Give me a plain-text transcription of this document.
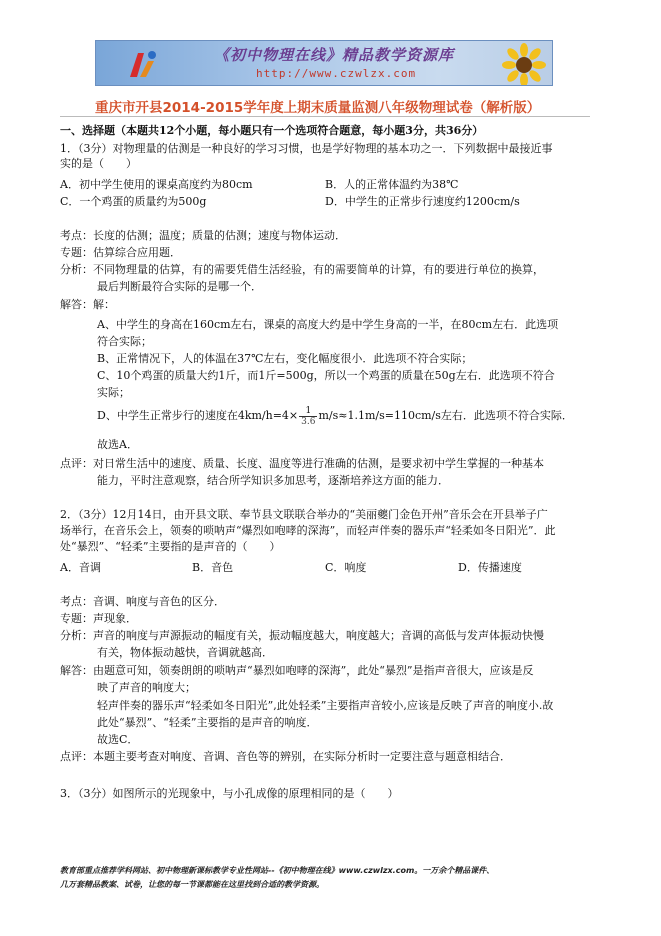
《初中物理在线》精品教学资源库
http://www.czwlzx.com
重庆市开县2014-2015学年度上期末质量监测八年级物理试卷（解析版）
一、选择题（本题共12个小题，每小题只有一个选项符合题意，每小题3分，共36分）
1．（3分）对物理量的估测是一种良好的学习习惯，也是学好物理的基本功之一．下列数据中最接近事
实的是（　　）
A．初中学生使用的课桌高度约为80cm	B．人的正常体温约为38℃
C．一个鸡蛋的质量约为500g	D．中学生的正常步行速度约1200cm/s
考点：长度的估测；温度；质量的估测；速度与物体运动．
专题：估算综合应用题．
分析：不同物理量的估算，有的需要凭借生活经验，有的需要简单的计算，有的要进行单位的换算，
最后判断最符合实际的是哪一个．
解答：解：
A、中学生的身高在160cm左右，课桌的高度大约是中学生身高的一半，在80cm左右．此选项
符合实际；
B、正常情况下，人的体温在37℃左右，变化幅度很小．此选项不符合实际；
C、10个鸡蛋的质量大约1斤，而1斤=500g，所以一个鸡蛋的质量在50g左右．此选项不符合
实际；
D、中学生正常步行的速度在$4km/h=4\times \frac{1}{3.6} m/s\approx 1.1m/s=110cm/s$左右．此选项不符合实际．
故选A．
点评：对日常生活中的速度、质量、长度、温度等进行准确的估测，是要求初中学生掌握的一种基本
能力，平时注意观察，结合所学知识多加思考，逐渐培养这方面的能力．
2．（3分）12月14日，由开县文联、奉节县文联联合举办的“美丽夔门金色开州”音乐会在开县举子广
场举行，在音乐会上，领奏的唢呐声“爆烈如咆哮的深海”，而轻声伴奏的器乐声“轻柔如冬日阳光”．此
处“暴烈”、“轻柔”主要指的是声音的（　　）
A．音调	B．音色	C．响度	D．传播速度
考点：音调、响度与音色的区分．
专题：声现象．
分析：声音的响度与声源振动的幅度有关，振动幅度越大，响度越大；音调的高低与发声体振动快慢
有关，物体振动越快，音调就越高．
解答：由题意可知，领奏朗朗的唢呐声“暴烈如咆哮的深海”，此处“暴烈”是指声音很大，应该是反
映了声音的响度大；
轻声伴奏的器乐声“轻柔如冬日阳光”,此处轻柔”主要指声音较小,应该是反映了声音的响度小.故
此处“暴烈”、“轻柔”主要指的是声音的响度．
故选C．
点评：本题主要考查对响度、音调、音色等的辨别，在实际分析时一定要注意与题意相结合．
3．（3分）如图所示的光现象中，与小孔成像的原理相同的是（　　）
教育部重点推荐学科网站、初中物理新课标教学专业性网站--《初中物理在线》www.czwlzx.com。一万余个精品课件、
几万套精品教案、试卷，让您的每一节课都能在这里找到合适的教学资源。
